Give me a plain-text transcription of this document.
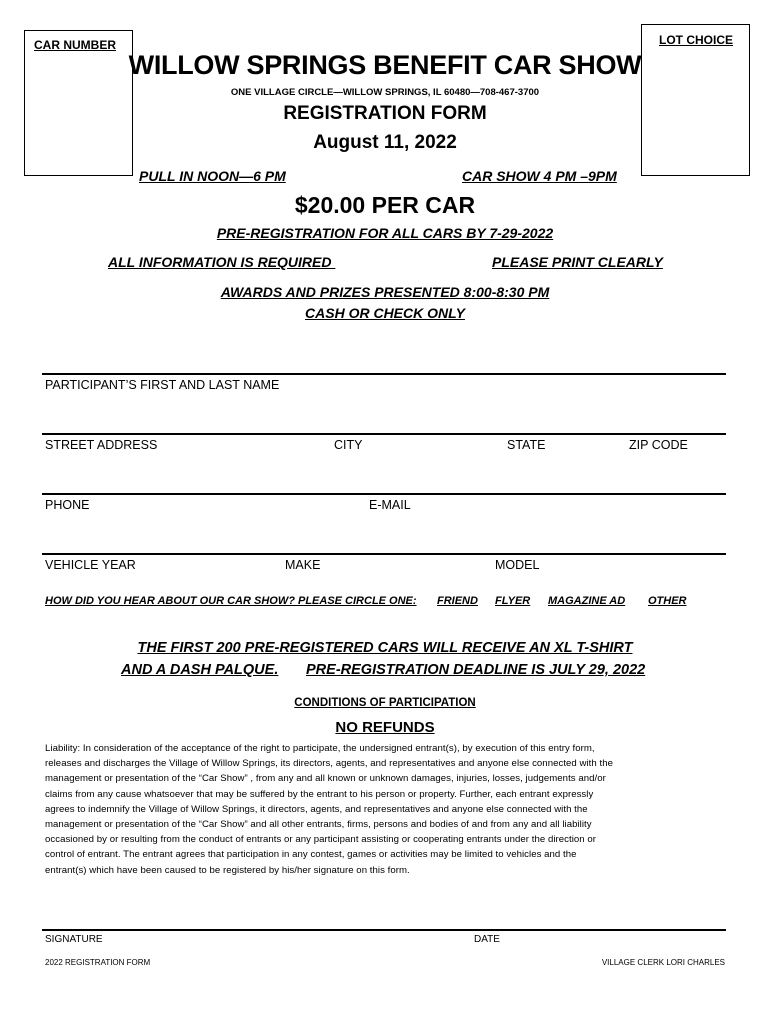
CAR NUMBER	LOT CHOICE
WILLOW SPRINGS BENEFIT CAR SHOW
ONE VILLAGE CIRCLE—WILLOW SPRINGS, IL 60480—708-467-3700
REGISTRATION FORM
August 11, 2022
PULL IN NOON—6 PM	CAR SHOW 4 PM –9PM
$20.00 PER CAR
PRE-REGISTRATION FOR ALL CARS BY 7-29-2022
ALL INFORMATION IS REQUIRED	PLEASE PRINT CLEARLY
AWARDS AND PRIZES PRESENTED 8:00-8:30 PM
CASH OR CHECK ONLY
PARTICIPANT’S FIRST AND LAST NAME
STREET ADDRESS	CITY	STATE	ZIP CODE
PHONE	E-MAIL
VEHICLE YEAR	MAKE	MODEL
HOW DID YOU HEAR ABOUT OUR CAR SHOW? PLEASE CIRCLE ONE: FRIEND FLYER MAGAZINE AD OTHER
THE FIRST 200 PRE-REGISTERED CARS WILL RECEIVE AN XL T-SHIRT
AND A DASH PALQUE. PRE-REGISTRATION DEADLINE IS JULY 29, 2022
CONDITIONS OF PARTICIPATION
NO REFUNDS
Liability: In consideration of the acceptance of the right to participate, the undersigned entrant(s), by execution of this entry form,
releases and discharges the Village of Willow Springs, its directors, agents, and representatives and anyone else connected with the
management or presentation of the “Car Show” , from any and all known or unknown damages, injuries, losses, judgements and/or
claims from any cause whatsoever that may be suffered by the entrant to his person or property. Further, each entrant expressly
agrees to indemnify the Village of Willow Springs, it directors, agents, and representatives and anyone else connected with the
management or presentation of the “Car Show” and all other entrants, firms, persons and bodies of and from any and all liability
occasioned by or resulting from the conduct of entrants or any participant assisting or cooperating entrants under the direction or
control of entrant. The entrant agrees that participation in any contest, games or activities may be limited to vehicles and the
entrant(s) which have been caused to be registered by his/her signature on this form.
SIGNATURE	DATE
2022 REGISTRATION FORM	VILLAGE CLERK LORI CHARLES
